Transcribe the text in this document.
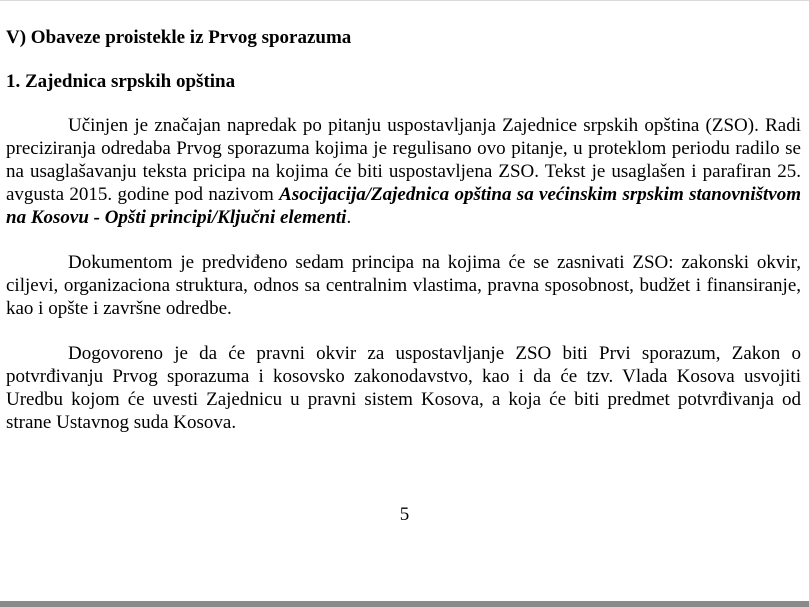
V) Obaveze proistekle iz Prvog sporazuma
1. Zajednica srpskih opština

Učinjen je značajan napredak po pitanju uspostavljanja Zajednice srpskih opština (ZSO). Radi preciziranja odredaba Prvog sporazuma kojima je regulisano ovo pitanje, u proteklom periodu radilo se na usaglašavanju teksta pricipa na kojima će biti uspostavljena ZSO. Tekst je usaglašen i parafiran 25. avgusta 2015. godine pod nazivom Asocijacija/Zajednica opština sa većinskim srpskim stanovništvom na Kosovu - Opšti principi/Ključni elementi.

Dokumentom je predviđeno sedam principa na kojima će se zasnivati ZSO: zakonski okvir, ciljevi, organizaciona struktura, odnos sa centralnim vlastima, pravna sposobnost, budžet i finansiranje, kao i opšte i završne odredbe.

Dogovoreno je da će pravni okvir za uspostavljanje ZSO biti Prvi sporazum, Zakon o potvrđivanju Prvog sporazuma i kosovsko zakonodavstvo, kao i da će tzv. Vlada Kosova usvojiti Uredbu kojom će uvesti Zajednicu u pravni sistem Kosova, a koja će biti predmet potvrđivanja od strane Ustavnog suda Kosova.

5
